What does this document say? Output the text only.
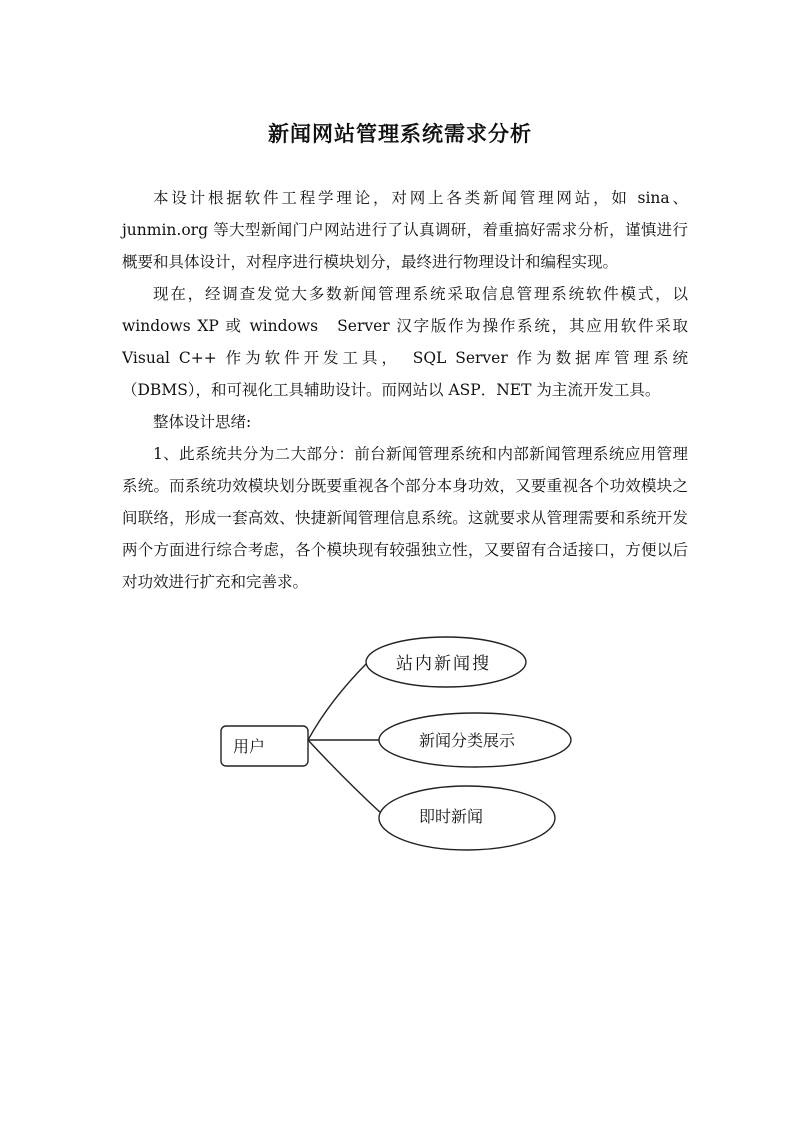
新闻网站管理系统需求分析

本设计根据软件工程学理论，对网上各类新闻管理网站，如 sina、junmin.org 等大型新闻门户网站进行了认真调研，着重搞好需求分析，谨慎进行概要和具体设计，对程序进行模块划分，最终进行物理设计和编程实现。

现在，经调查发觉大多数新闻管理系统采取信息管理系统软件模式，以 windows XP 或 windows　Server 汉字版作为操作系统，其应用软件采取 Visual C++ 作为软件开发工具，　SQL Server 作为数据库管理系统（DBMS），和可视化工具辅助设计。而网站以 ASP．NET 为主流开发工具。

整体设计思绪:

1、此系统共分为二大部分：前台新闻管理系统和内部新闻管理系统应用管理系统。而系统功效模块划分既要重视各个部分本身功效，又要重视各个功效模块之间联络，形成一套高效、快捷新闻管理信息系统。这就要求从管理需要和系统开发两个方面进行综合考虑，各个模块现有较强独立性，又要留有合适接口，方便以后对功效进行扩充和完善求。

用户
站内新闻搜
新闻分类展示
即时新闻
